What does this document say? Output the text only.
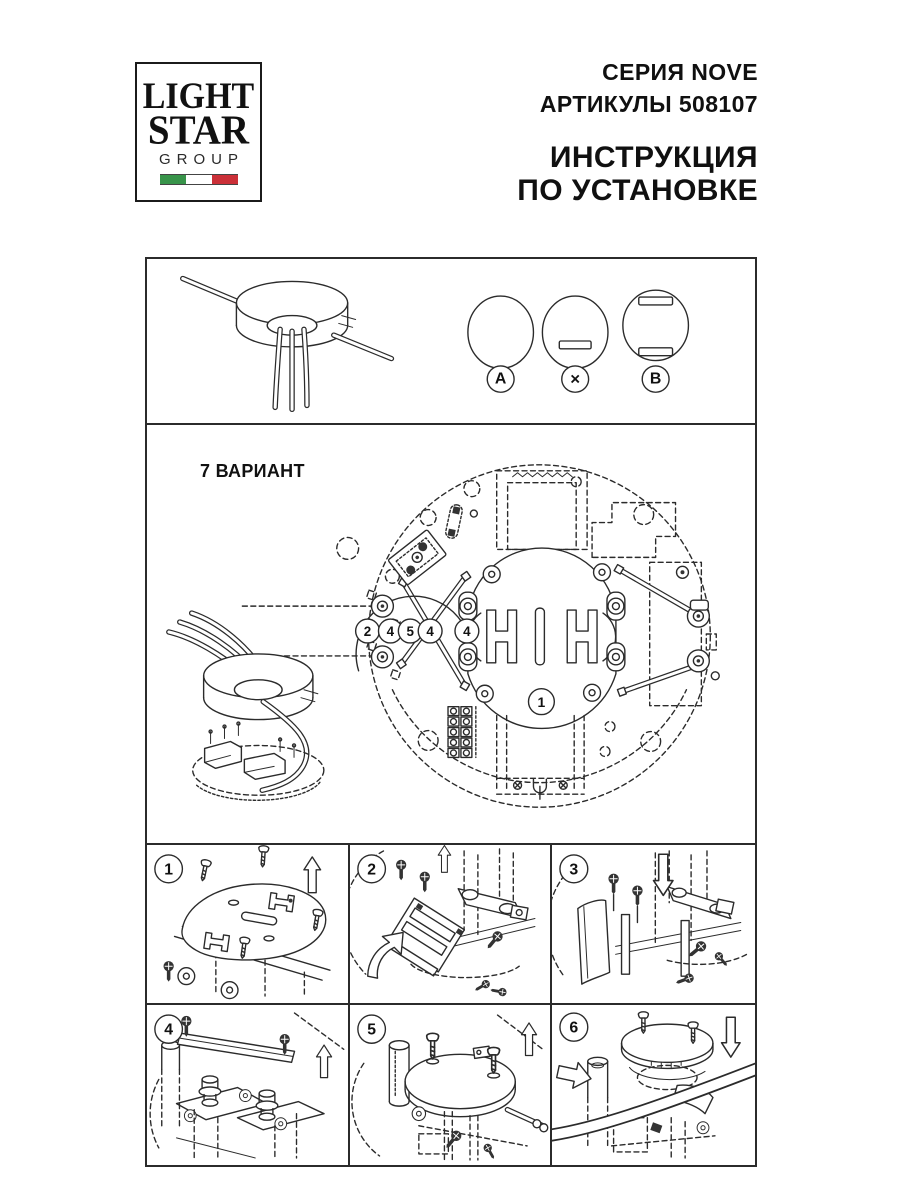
LIGHT
STAR
GROUP
СЕРИЯ NOVE
АРТИКУЛЫ 508107
ИНСТРУКЦИЯ
ПО УСТАНОВКЕ
A	×	B
7 ВАРИАНТ
2 4 5 4 4
1
1	2	3
4	5	6
